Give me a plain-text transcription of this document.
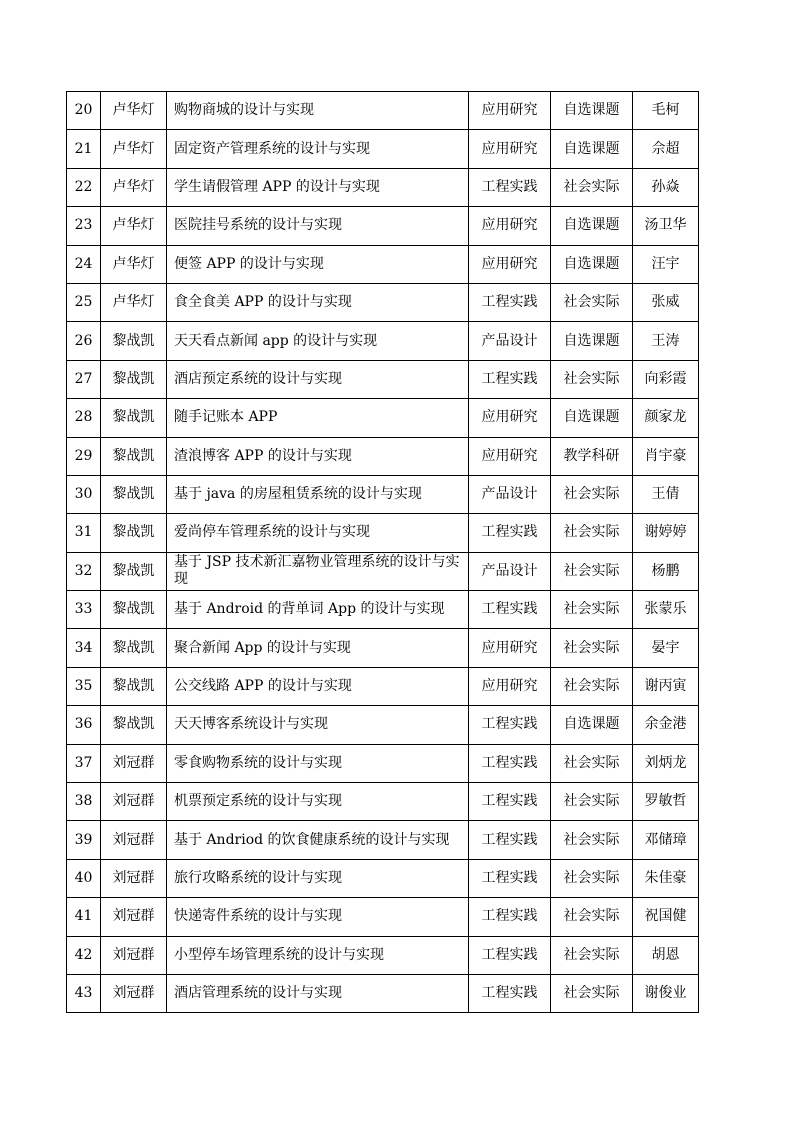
20	卢华灯	购物商城的设计与实现	应用研究	自选课题	毛柯
21	卢华灯	固定资产管理系统的设计与实现	应用研究	自选课题	佘超
22	卢华灯	学生请假管理 APP 的设计与实现	工程实践	社会实际	孙焱
23	卢华灯	医院挂号系统的设计与实现	应用研究	自选课题	汤卫华
24	卢华灯	便签 APP 的设计与实现	应用研究	自选课题	汪宇
25	卢华灯	食全食美 APP 的设计与实现	工程实践	社会实际	张威
26	黎战凯	天天看点新闻 app 的设计与实现	产品设计	自选课题	王涛
27	黎战凯	酒店预定系统的设计与实现	工程实践	社会实际	向彩霞
28	黎战凯	随手记账本 APP	应用研究	自选课题	颜家龙
29	黎战凯	渣浪博客 APP 的设计与实现	应用研究	教学科研	肖宇豪
30	黎战凯	基于 java 的房屋租赁系统的设计与实现	产品设计	社会实际	王倩
31	黎战凯	爱尚停车管理系统的设计与实现	工程实践	社会实际	谢婷婷
32	黎战凯	基于 JSP 技术新汇嘉物业管理系统的设计与实现	产品设计	社会实际	杨鹏
33	黎战凯	基于 Android 的背单词 App 的设计与实现	工程实践	社会实际	张蒙乐
34	黎战凯	聚合新闻 App 的设计与实现	应用研究	社会实际	晏宇
35	黎战凯	公交线路 APP 的设计与实现	应用研究	社会实际	谢丙寅
36	黎战凯	天天博客系统设计与实现	工程实践	自选课题	余金港
37	刘冠群	零食购物系统的设计与实现	工程实践	社会实际	刘炳龙
38	刘冠群	机票预定系统的设计与实现	工程实践	社会实际	罗敏哲
39	刘冠群	基于 Andriod 的饮食健康系统的设计与实现	工程实践	社会实际	邓储璋
40	刘冠群	旅行攻略系统的设计与实现	工程实践	社会实际	朱佳豪
41	刘冠群	快递寄件系统的设计与实现	工程实践	社会实际	祝国健
42	刘冠群	小型停车场管理系统的设计与实现	工程实践	社会实际	胡恩
43	刘冠群	酒店管理系统的设计与实现	工程实践	社会实际	谢俊业
